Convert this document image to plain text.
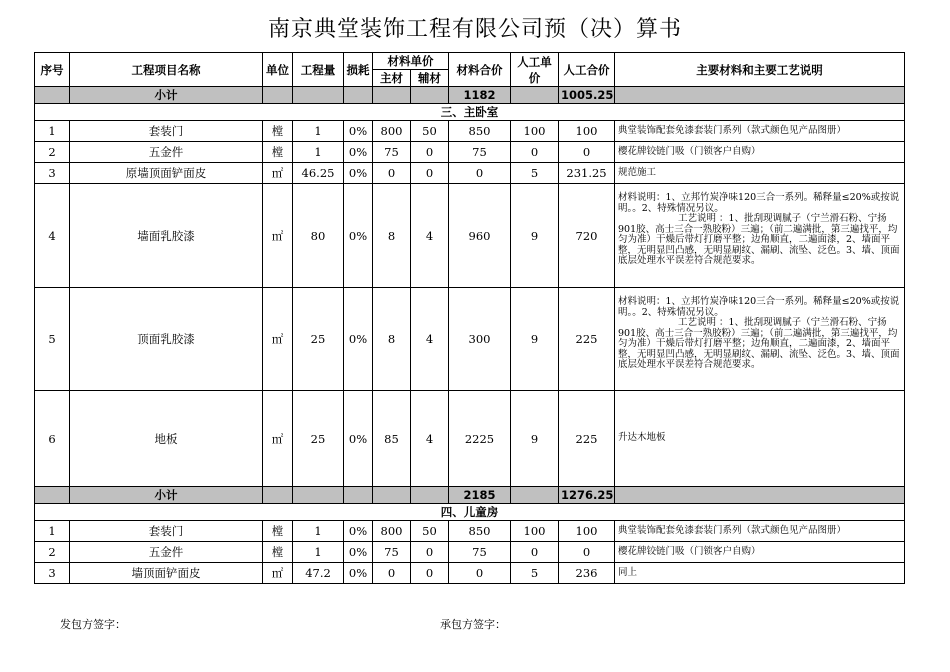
南京典堂装饰工程有限公司预（决）算书
序号	工程项目名称	单位	工程量	损耗	材料单价		材料合价	人工单价	人工合价	主要材料和主要工艺说明
					主材	辅材				
	小计						1182		1005.25	
三、主卧室										
1	套装门	樘	1	0%	800	50	850	100	100	典堂装饰配套免漆套装门系列（款式颜色见产品图册）
2	五金件	樘	1	0%	75	0	75	0	0	樱花牌铰链门吸（门锁客户自购）
3	原墙顶面铲面皮	㎡	46.25	0%	0	0	0	5	231.25	规范施工
4	墙面乳胶漆	㎡	80	0%	8	4	960	9	720	材料说明：1、立邦竹炭净味120三合一系列。稀释量≤20%或按说明。。2、特殊情况另议。
工艺说明 ：1、批刮现调腻子（宁兰滑石粉、宁扬901胶、高士三合一熟胶粉）三遍；（前二遍满批，第三遍找平，均匀为准）干燥后带灯打磨平整；边角顺直，二遍面漆，2、墙面平整，无明显凹凸感，无明显刷纹、漏刷、流坠、泛色。3、墙、顶面底层处理水平误差符合规范要求。

5	顶面乳胶漆	㎡	25	0%	8	4	300	9	225	材料说明：1、立邦竹炭净味120三合一系列。稀释量≤20%或按说明。。2、特殊情况另议。
工艺说明 ：1、批刮现调腻子（宁兰滑石粉、宁扬901胶、高士三合一熟胶粉）三遍；（前二遍满批，第三遍找平，均匀为准）干燥后带灯打磨平整；边角顺直，二遍面漆，2、墙面平整，无明显凹凸感，无明显刷纹、漏刷、流坠、泛色。3、墙、顶面底层处理水平误差符合规范要求。

6	地板	㎡	25	0%	85	4	2225	9	225	升达木地板
	小计						2185		1276.25	
四、儿童房										
1	套装门	樘	1	0%	800	50	850	100	100	典堂装饰配套免漆套装门系列（款式颜色见产品图册）
2	五金件	樘	1	0%	75	0	75	0	0	樱花牌铰链门吸（门锁客户自购）
3	墙顶面铲面皮	㎡	47.2	0%	0	0	0	5	236	同上
发包方签字：	承包方签字：
